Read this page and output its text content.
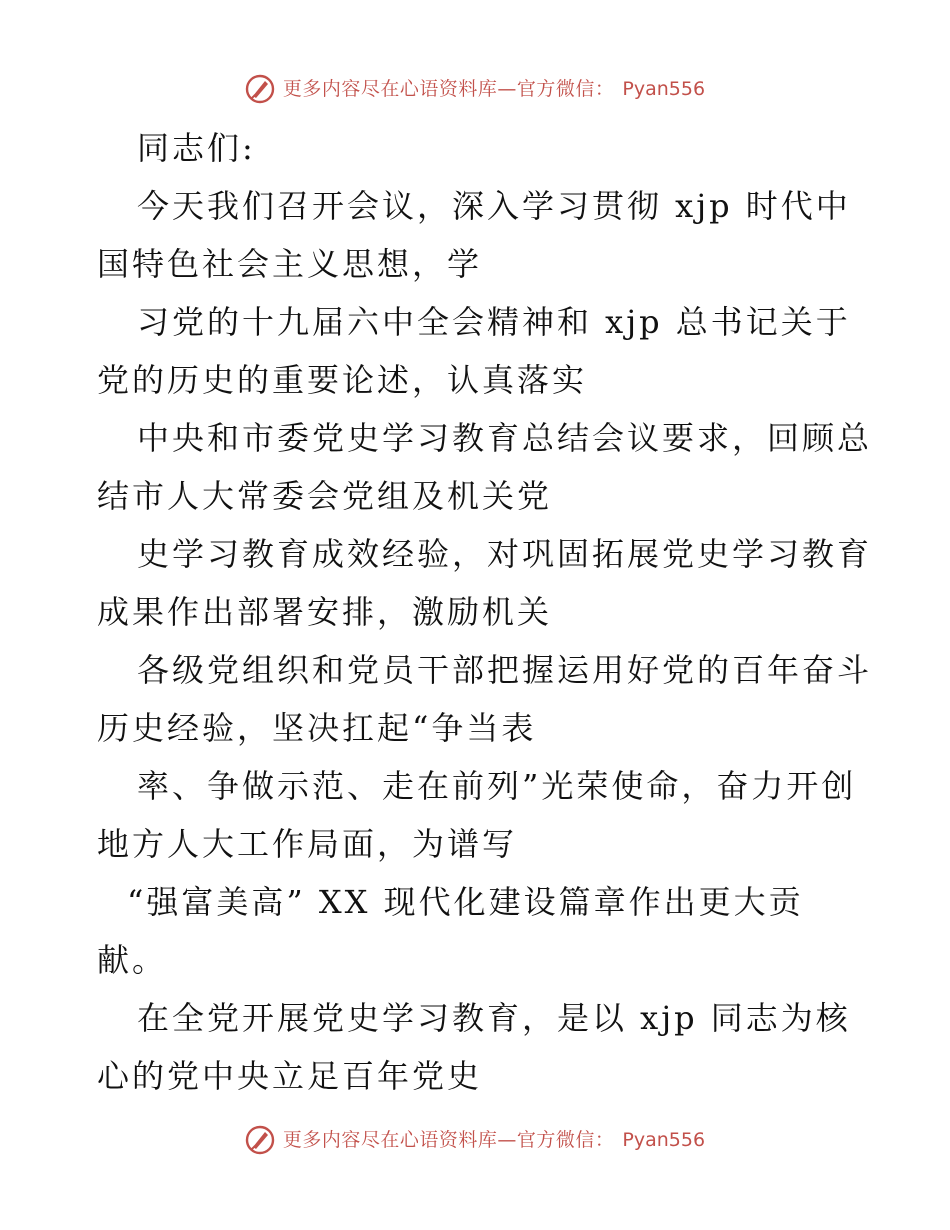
更多内容尽在心语资料库—官方微信： Pyan556
同志们:
今天我们召开会议，深入学习贯彻 xjp 时代中
国特色社会主义思想，学
习党的十九届六中全会精神和 xjp 总书记关于
党的历史的重要论述，认真落实
中央和市委党史学习教育总结会议要求，回顾总
结市人大常委会党组及机关党
史学习教育成效经验，对巩固拓展党史学习教育
成果作出部署安排，激励机关
各级党组织和党员干部把握运用好党的百年奋斗
历史经验，坚决扛起“争当表
率、争做示范、走在前列”光荣使命，奋力开创
地方人大工作局面，为谱写
“强富美高” XX 现代化建设篇章作出更大贡
献。
在全党开展党史学习教育，是以 xjp 同志为核
心的党中央立足百年党史
更多内容尽在心语资料库—官方微信： Pyan556
